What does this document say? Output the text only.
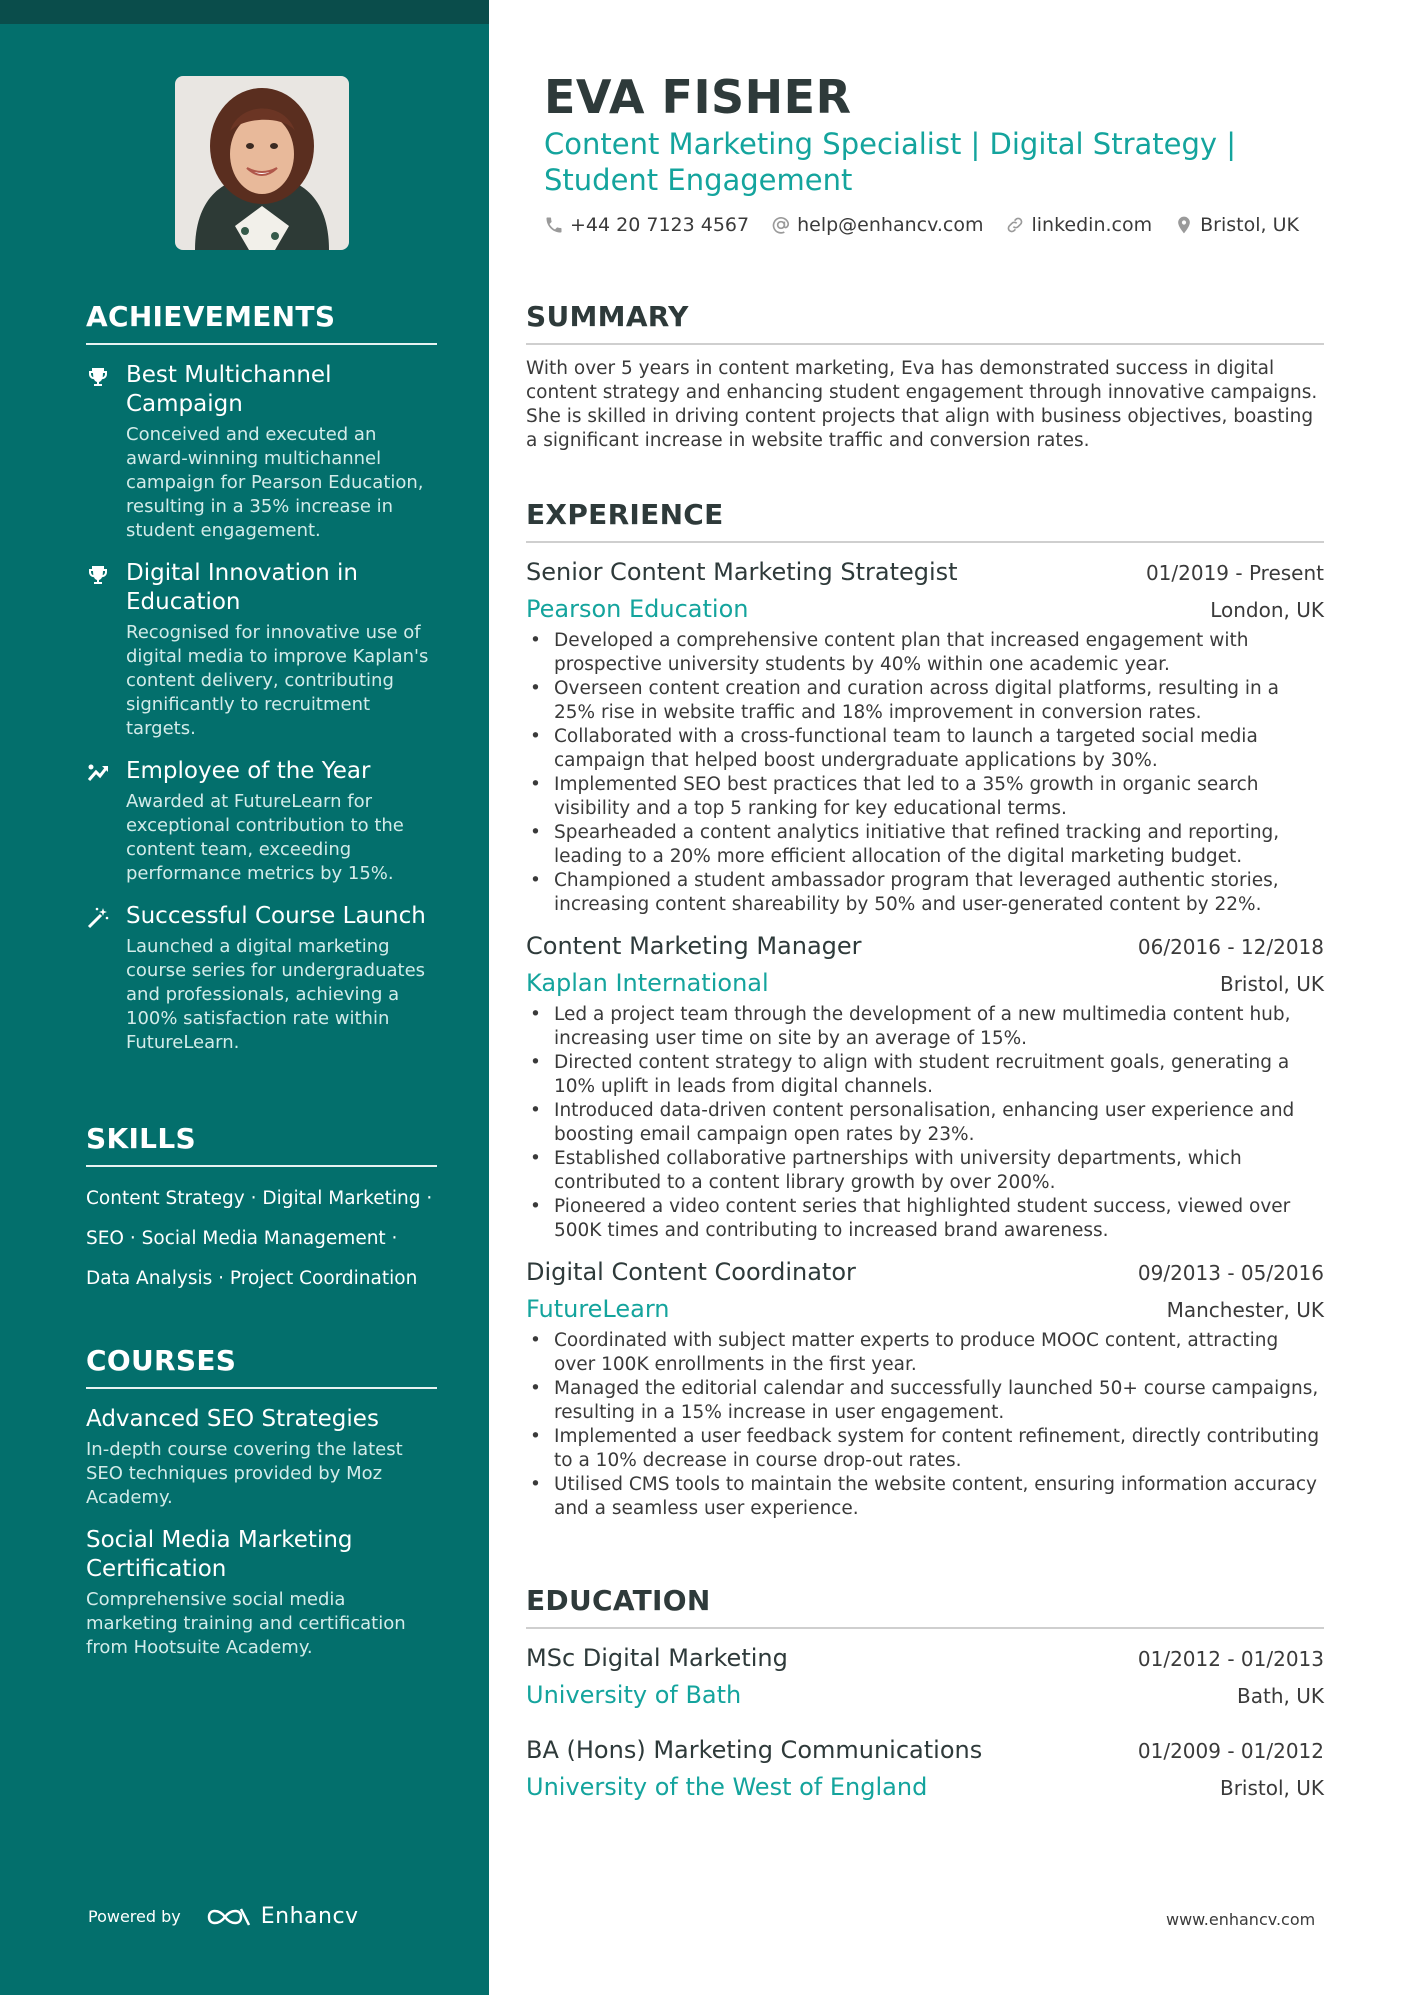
ACHIEVEMENTS
Best Multichannel Campaign
Conceived and executed an award-winning multichannel campaign for Pearson Education, resulting in a 35% increase in student engagement.
Digital Innovation in Education
Recognised for innovative use of digital media to improve Kaplan's content delivery, contributing significantly to recruitment targets.
Employee of the Year
Awarded at FutureLearn for exceptional contribution to the content team, exceeding performance metrics by 15%.
Successful Course Launch
Launched a digital marketing course series for undergraduates and professionals, achieving a 100% satisfaction rate within FutureLearn.
SKILLS
Content Strategy · Digital Marketing ·
SEO · Social Media Management ·
Data Analysis · Project Coordination
COURSES
Advanced SEO Strategies
In-depth course covering the latest SEO techniques provided by Moz Academy.
Social Media Marketing Certification
Comprehensive social media marketing training and certification from Hootsuite Academy.
Powered by	Enhancv
EVA FISHER
Content Marketing Specialist | Digital Strategy | Student Engagement
+44 20 7123 4567	help@enhancv.com	linkedin.com	Bristol, UK
SUMMARY
With over 5 years in content marketing, Eva has demonstrated success in digital content strategy and enhancing student engagement through innovative campaigns. She is skilled in driving content projects that align with business objectives, boasting a significant increase in website traffic and conversion rates.
EXPERIENCE
Senior Content Marketing Strategist	01/2019 - Present
Pearson Education	London, UK
• Developed a comprehensive content plan that increased engagement with prospective university students by 40% within one academic year.
• Overseen content creation and curation across digital platforms, resulting in a 25% rise in website traffic and 18% improvement in conversion rates.
• Collaborated with a cross-functional team to launch a targeted social media campaign that helped boost undergraduate applications by 30%.
• Implemented SEO best practices that led to a 35% growth in organic search visibility and a top 5 ranking for key educational terms.
• Spearheaded a content analytics initiative that refined tracking and reporting, leading to a 20% more efficient allocation of the digital marketing budget.
• Championed a student ambassador program that leveraged authentic stories, increasing content shareability by 50% and user-generated content by 22%.
Content Marketing Manager	06/2016 - 12/2018
Kaplan International	Bristol, UK
• Led a project team through the development of a new multimedia content hub, increasing user time on site by an average of 15%.
• Directed content strategy to align with student recruitment goals, generating a 10% uplift in leads from digital channels.
• Introduced data-driven content personalisation, enhancing user experience and boosting email campaign open rates by 23%.
• Established collaborative partnerships with university departments, which contributed to a content library growth by over 200%.
• Pioneered a video content series that highlighted student success, viewed over 500K times and contributing to increased brand awareness.
Digital Content Coordinator	09/2013 - 05/2016
FutureLearn	Manchester, UK
• Coordinated with subject matter experts to produce MOOC content, attracting over 100K enrollments in the first year.
• Managed the editorial calendar and successfully launched 50+ course campaigns, resulting in a 15% increase in user engagement.
• Implemented a user feedback system for content refinement, directly contributing to a 10% decrease in course drop-out rates.
• Utilised CMS tools to maintain the website content, ensuring information accuracy and a seamless user experience.
EDUCATION
MSc Digital Marketing	01/2012 - 01/2013
University of Bath	Bath, UK
BA (Hons) Marketing Communications	01/2009 - 01/2012
University of the West of England	Bristol, UK
www.enhancv.com
